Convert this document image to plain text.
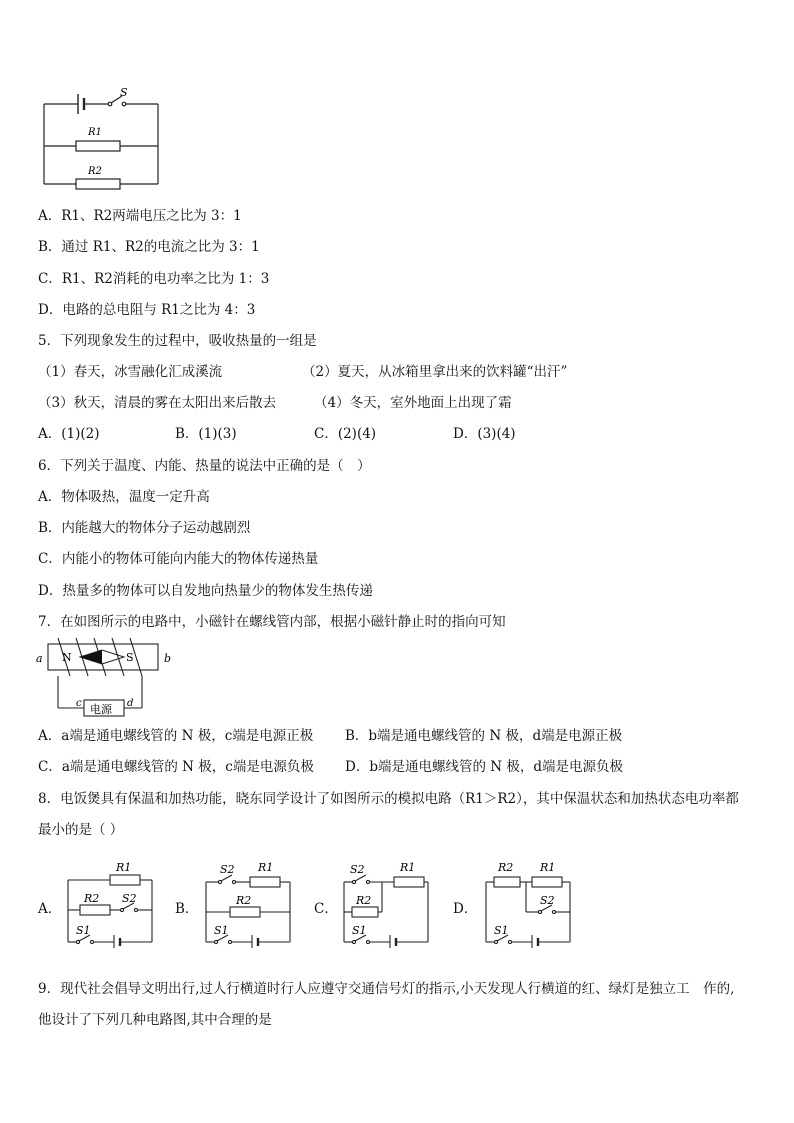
S
R1
R2
A．R1、R2两端电压之比为 3：1
B．通过 R1、R2的电流之比为 3：1
C．R1、R2消耗的电功率之比为 1：3
D．电路的总电阻与 R1之比为 4：3
5．下列现象发生的过程中，吸收热量的一组是
（1）春天，冰雪融化汇成溪流	（2）夏天，从冰箱里拿出来的饮料罐“出汗”
（3）秋天，清晨的雾在太阳出来后散去	（4）冬天，室外地面上出现了霜
A．(1)(2)	B．(1)(3)	C．(2)(4)	D．(3)(4)
6．下列关于温度、内能、热量的说法中正确的是（　）
A．物体吸热，温度一定升高
B．内能越大的物体分子运动越剧烈
C．内能小的物体可能向内能大的物体传递热量
D．热量多的物体可以自发地向热量少的物体发生热传递
7．在如图所示的电路中，小磁针在螺线管内部，根据小磁针静止时的指向可知
a	b
N	S
c	d
电源
A．a端是通电螺线管的 N 极，c端是电源正极 B．b端是通电螺线管的 N 极，d端是电源正极
C．a端是通电螺线管的 N 极，c端是电源负极 D．b端是通电螺线管的 N 极，d端是电源负极
8．电饭煲具有保温和加热功能，晓东同学设计了如图所示的模拟电路（R1＞R2），其中保温状态和加热状态电功率都
最小的是（ ）
A．
R1
R2 S2
S1
B．
S2 R1
R2
S1
C．
S2	R1
R2
S1
D．
R2 R1
S2
S1
9．现代社会倡导文明出行,过人行横道时行人应遵守交通信号灯的指示,小天发现人行横道的红、绿灯是独立工　作的,
他设计了下列几种电路图,其中合理的是
